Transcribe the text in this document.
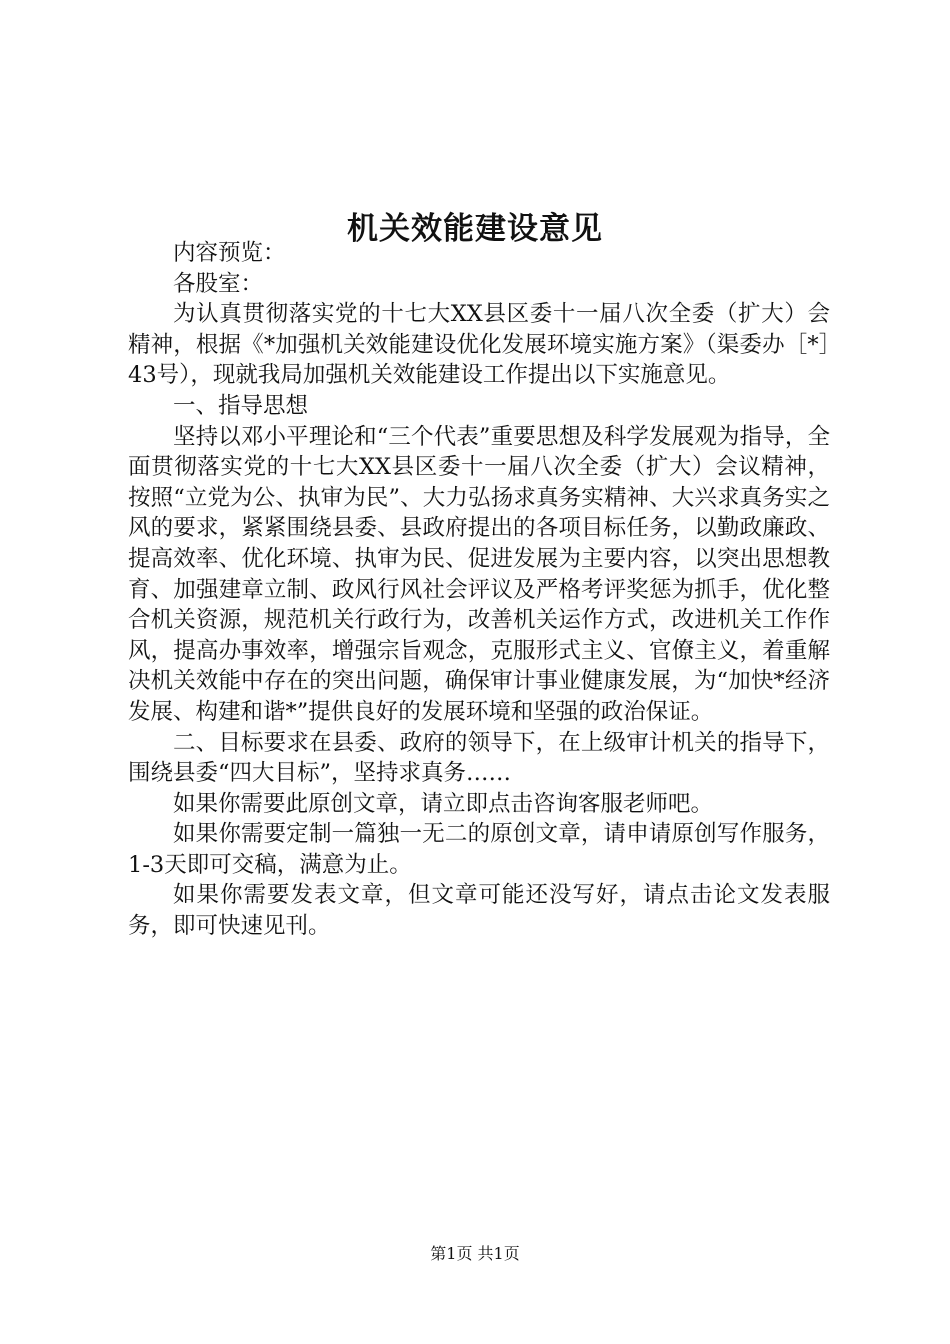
机关效能建设意见

内容预览：

各股室：

为认真贯彻落实党的十七大XX县区委十一届八次全委（扩大）会精神，根据《*加强机关效能建设优化发展环境实施方案》（渠委办［*］43号），现就我局加强机关效能建设工作提出以下实施意见。

一、指导思想

坚持以邓小平理论和“三个代表”重要思想及科学发展观为指导，全面贯彻落实党的十七大XX县区委十一届八次全委（扩大）会议精神，按照“立党为公、执审为民”、大力弘扬求真务实精神、大兴求真务实之风的要求，紧紧围绕县委、县政府提出的各项目标任务，以勤政廉政、提高效率、优化环境、执审为民、促进发展为主要内容，以突出思想教育、加强建章立制、政风行风社会评议及严格考评奖惩为抓手，优化整合机关资源，规范机关行政行为，改善机关运作方式，改进机关工作作风，提高办事效率，增强宗旨观念，克服形式主义、官僚主义，着重解决机关效能中存在的突出问题，确保审计事业健康发展，为“加快*经济发展、构建和谐*”提供良好的发展环境和坚强的政治保证。

二、目标要求在县委、政府的领导下，在上级审计机关的指导下，围绕县委“四大目标”，坚持求真务……

如果你需要此原创文章，请立即点击咨询客服老师吧。

如果你需要定制一篇独一无二的原创文章，请申请原创写作服务，1-3天即可交稿，满意为止。

如果你需要发表文章，但文章可能还没写好，请点击论文发表服务，即可快速见刊。

第1页 共1页
